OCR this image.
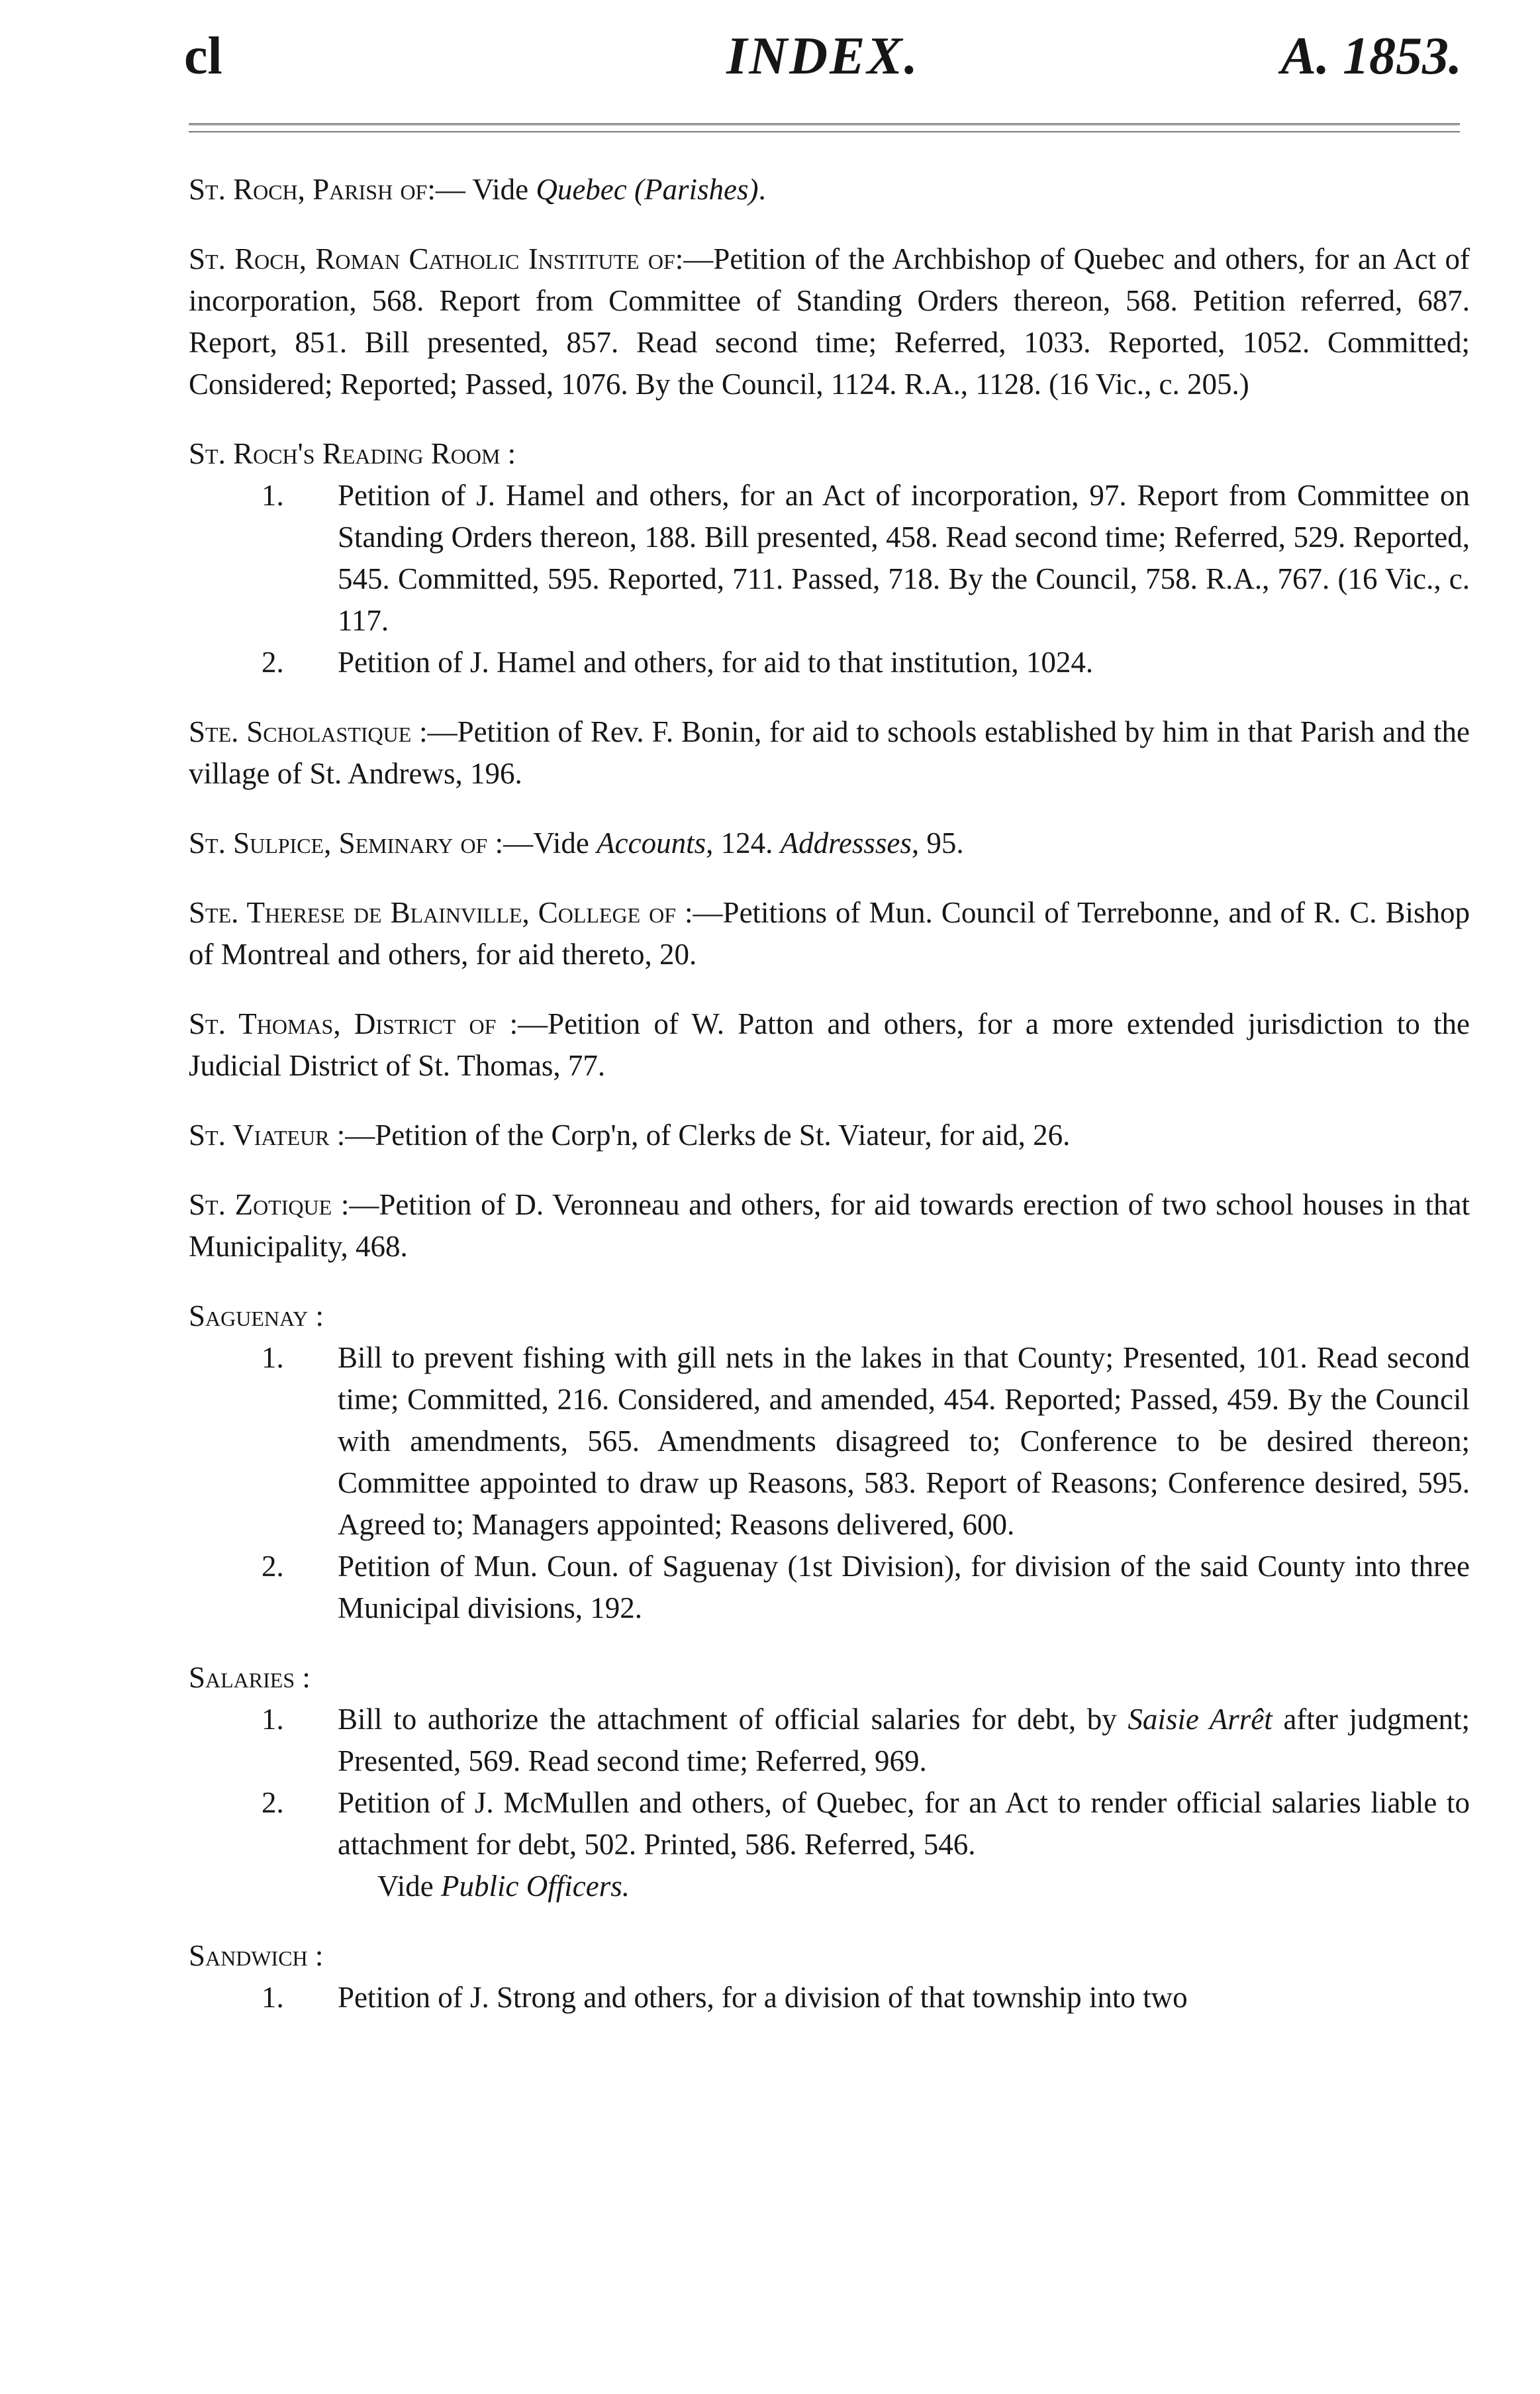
cl	INDEX.	A. 1853.
St. Roch, Parish of:— Vide Quebec (Parishes).
St. Roch, Roman Catholic Institute of:—Petition of the Archbishop of Quebec and others, for an Act of incorporation, 568. Report from Committee of Standing Orders thereon, 568. Petition referred, 687. Report, 851. Bill presented, 857. Read second time; Referred, 1033. Reported, 1052. Committed; Considered; Reported; Passed, 1076. By the Council, 1124. R.A., 1128. (16 Vic., c. 205.)
St. Roch's Reading Room :
1.	Petition of J. Hamel and others, for an Act of incorporation, 97. Report from Committee on Standing Orders thereon, 188. Bill presented, 458. Read second time; Referred, 529. Reported, 545. Committed, 595. Reported, 711. Passed, 718. By the Council, 758. R.A., 767. (16 Vic., c. 117.
2.	Petition of J. Hamel and others, for aid to that institution, 1024.
Ste. Scholastique :—Petition of Rev. F. Bonin, for aid to schools established by him in that Parish and the village of St. Andrews, 196.
St. Sulpice, Seminary of :—Vide Accounts, 124. Addressses, 95.
Ste. Therese de Blainville, College of :—Petitions of Mun. Council of Terrebonne, and of R. C. Bishop of Montreal and others, for aid thereto, 20.
St. Thomas, District of :—Petition of W. Patton and others, for a more extended jurisdiction to the Judicial District of St. Thomas, 77.
St. Viateur :—Petition of the Corp'n, of Clerks de St. Viateur, for aid, 26.
St. Zotique :—Petition of D. Veronneau and others, for aid towards erection of two school houses in that Municipality, 468.
Saguenay :
1.	Bill to prevent fishing with gill nets in the lakes in that County; Presented, 101. Read second time; Committed, 216. Considered, and amended, 454. Reported; Passed, 459. By the Council with amendments, 565. Amendments disagreed to; Conference to be desired thereon; Committee appointed to draw up Reasons, 583. Report of Reasons; Conference desired, 595. Agreed to; Managers appointed; Reasons delivered, 600.
2.	Petition of Mun. Coun. of Saguenay (1st Division), for division of the said County into three Municipal divisions, 192.
Salaries :
1.	Bill to authorize the attachment of official salaries for debt, by Saisie Arrêt after judgment; Presented, 569. Read second time; Referred, 969.
2.	Petition of J. McMullen and others, of Quebec, for an Act to render official salaries liable to attachment for debt, 502. Printed, 586. Referred, 546.
Vide Public Officers.
Sandwich :
1.	Petition of J. Strong and others, for a division of that township into two
